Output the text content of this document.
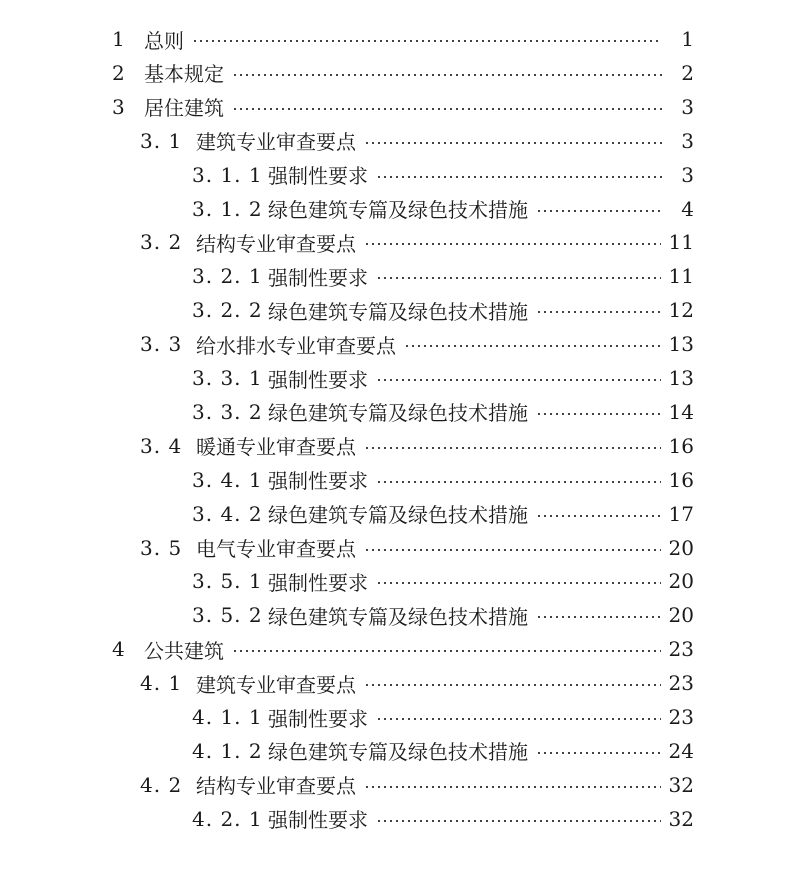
1 总则	1
2 基本规定	2
3 居住建筑	3
3. 1 建筑专业审查要点	3
3. 1. 1 强制性要求	3
3. 1. 2 绿色建筑专篇及绿色技术措施	4
3. 2 结构专业审查要点	11
3. 2. 1 强制性要求	11
3. 2. 2 绿色建筑专篇及绿色技术措施	12
3. 3 给水排水专业审查要点	13
3. 3. 1 强制性要求	13
3. 3. 2 绿色建筑专篇及绿色技术措施	14
3. 4 暖通专业审查要点	16
3. 4. 1 强制性要求	16
3. 4. 2 绿色建筑专篇及绿色技术措施	17
3. 5 电气专业审查要点	20
3. 5. 1 强制性要求	20
3. 5. 2 绿色建筑专篇及绿色技术措施	20
4 公共建筑	23
4. 1 建筑专业审查要点	23
4. 1. 1 强制性要求	23
4. 1. 2 绿色建筑专篇及绿色技术措施	24
4. 2 结构专业审查要点	32
4. 2. 1 强制性要求	32
